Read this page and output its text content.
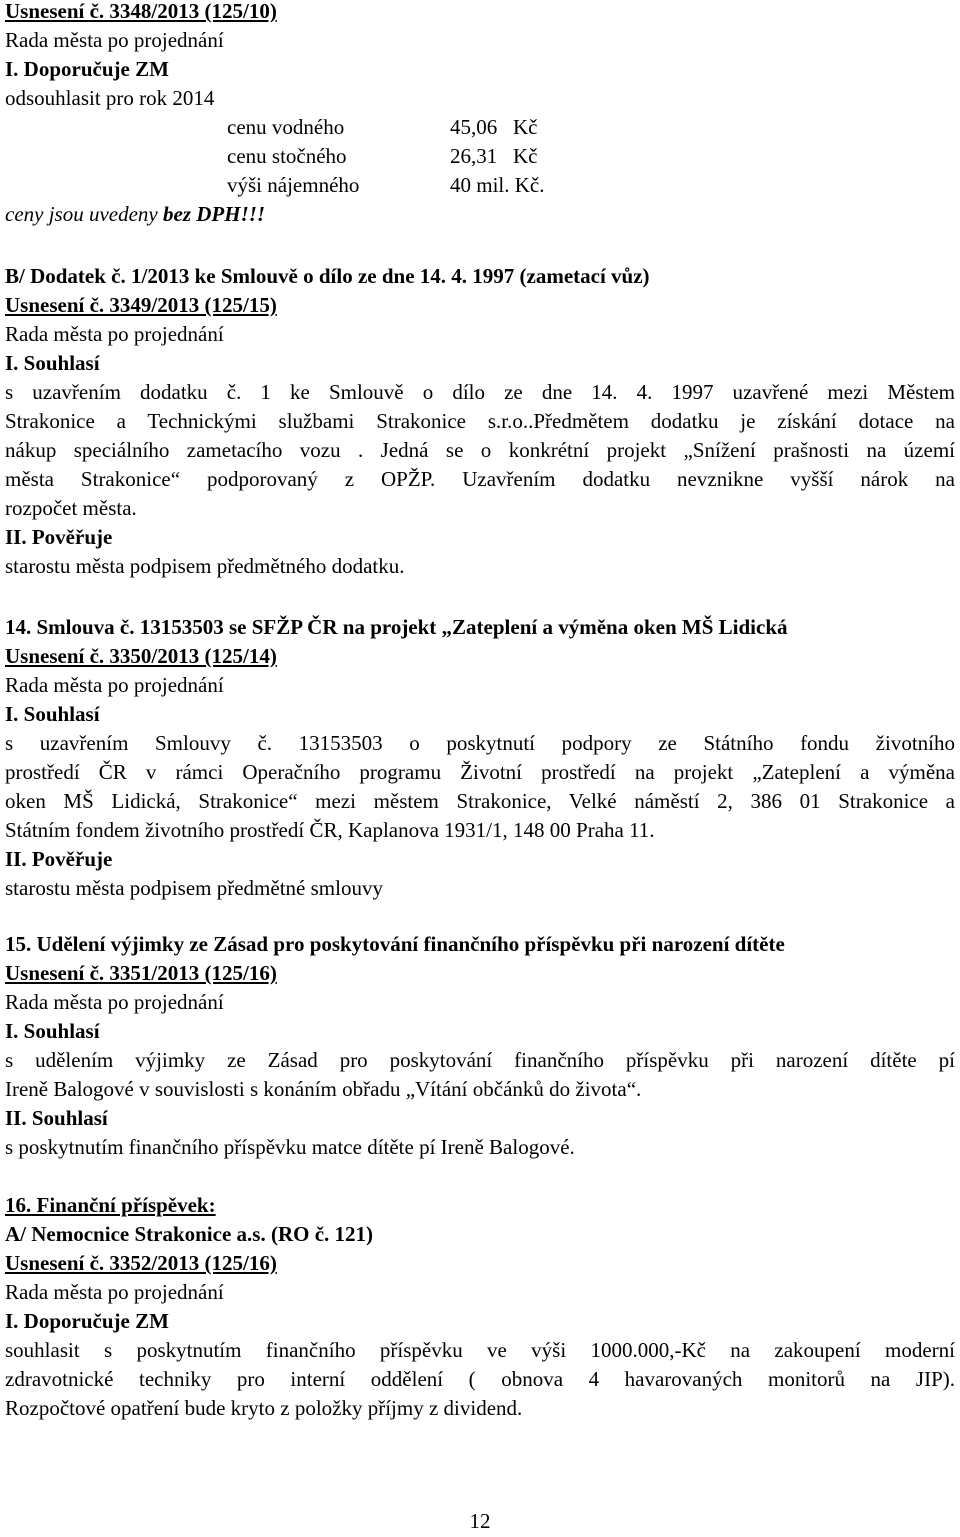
Usnesení č. 3348/2013 (125/10)
Rada města po projednání
I. Doporučuje ZM
odsouhlasit pro rok 2014
cenu vodného	45,06   Kč
cenu stočného	26,31   Kč
výši nájemného	40 mil. Kč.
ceny jsou uvedeny bez DPH!!!
B/ Dodatek č. 1/2013 ke Smlouvě o dílo ze dne 14. 4. 1997 (zametací vůz)
Usnesení č. 3349/2013 (125/15)
Rada města po projednání
I. Souhlasí
s uzavřením dodatku č. 1 ke Smlouvě o dílo ze dne 14. 4. 1997 uzavřené mezi Městem
Strakonice a Technickými službami Strakonice s.r.o..Předmětem dodatku je získání dotace na
nákup speciálního zametacího vozu . Jedná se o konkrétní projekt „Snížení prašnosti na území
města Strakonice“ podporovaný z OPŽP. Uzavřením dodatku nevznikne vyšší nárok na
rozpočet města.
II. Pověřuje
starostu města podpisem předmětného dodatku.
14. Smlouva č. 13153503 se SFŽP ČR na projekt „Zateplení a výměna oken MŠ Lidická
Usnesení č. 3350/2013 (125/14)
Rada města po projednání
I. Souhlasí
s uzavřením Smlouvy č. 13153503 o poskytnutí podpory ze Státního fondu životního
prostředí ČR v rámci Operačního programu Životní prostředí na projekt „Zateplení a výměna
oken MŠ Lidická, Strakonice“ mezi městem Strakonice, Velké náměstí 2, 386 01 Strakonice a
Státním fondem životního prostředí ČR, Kaplanova 1931/1, 148 00 Praha 11.
II. Pověřuje
starostu města podpisem předmětné smlouvy
15. Udělení výjimky ze Zásad pro poskytování finančního příspěvku při narození dítěte
Usnesení č. 3351/2013 (125/16)
Rada města po projednání
I. Souhlasí
s udělením výjimky ze Zásad pro poskytování finančního příspěvku při narození dítěte pí
Ireně Balogové v souvislosti s konáním obřadu „Vítání občánků do života“.
II. Souhlasí
s poskytnutím finančního příspěvku matce dítěte pí Ireně Balogové.
16. Finanční příspěvek:
A/ Nemocnice Strakonice a.s. (RO č. 121)
Usnesení č. 3352/2013 (125/16)
Rada města po projednání
I. Doporučuje ZM
souhlasit s poskytnutím finančního příspěvku ve výši 1000.000,-Kč na zakoupení moderní
zdravotnické techniky pro interní oddělení ( obnova 4 havarovaných monitorů na JIP).
Rozpočtové opatření bude kryto z položky příjmy z dividend.
12
